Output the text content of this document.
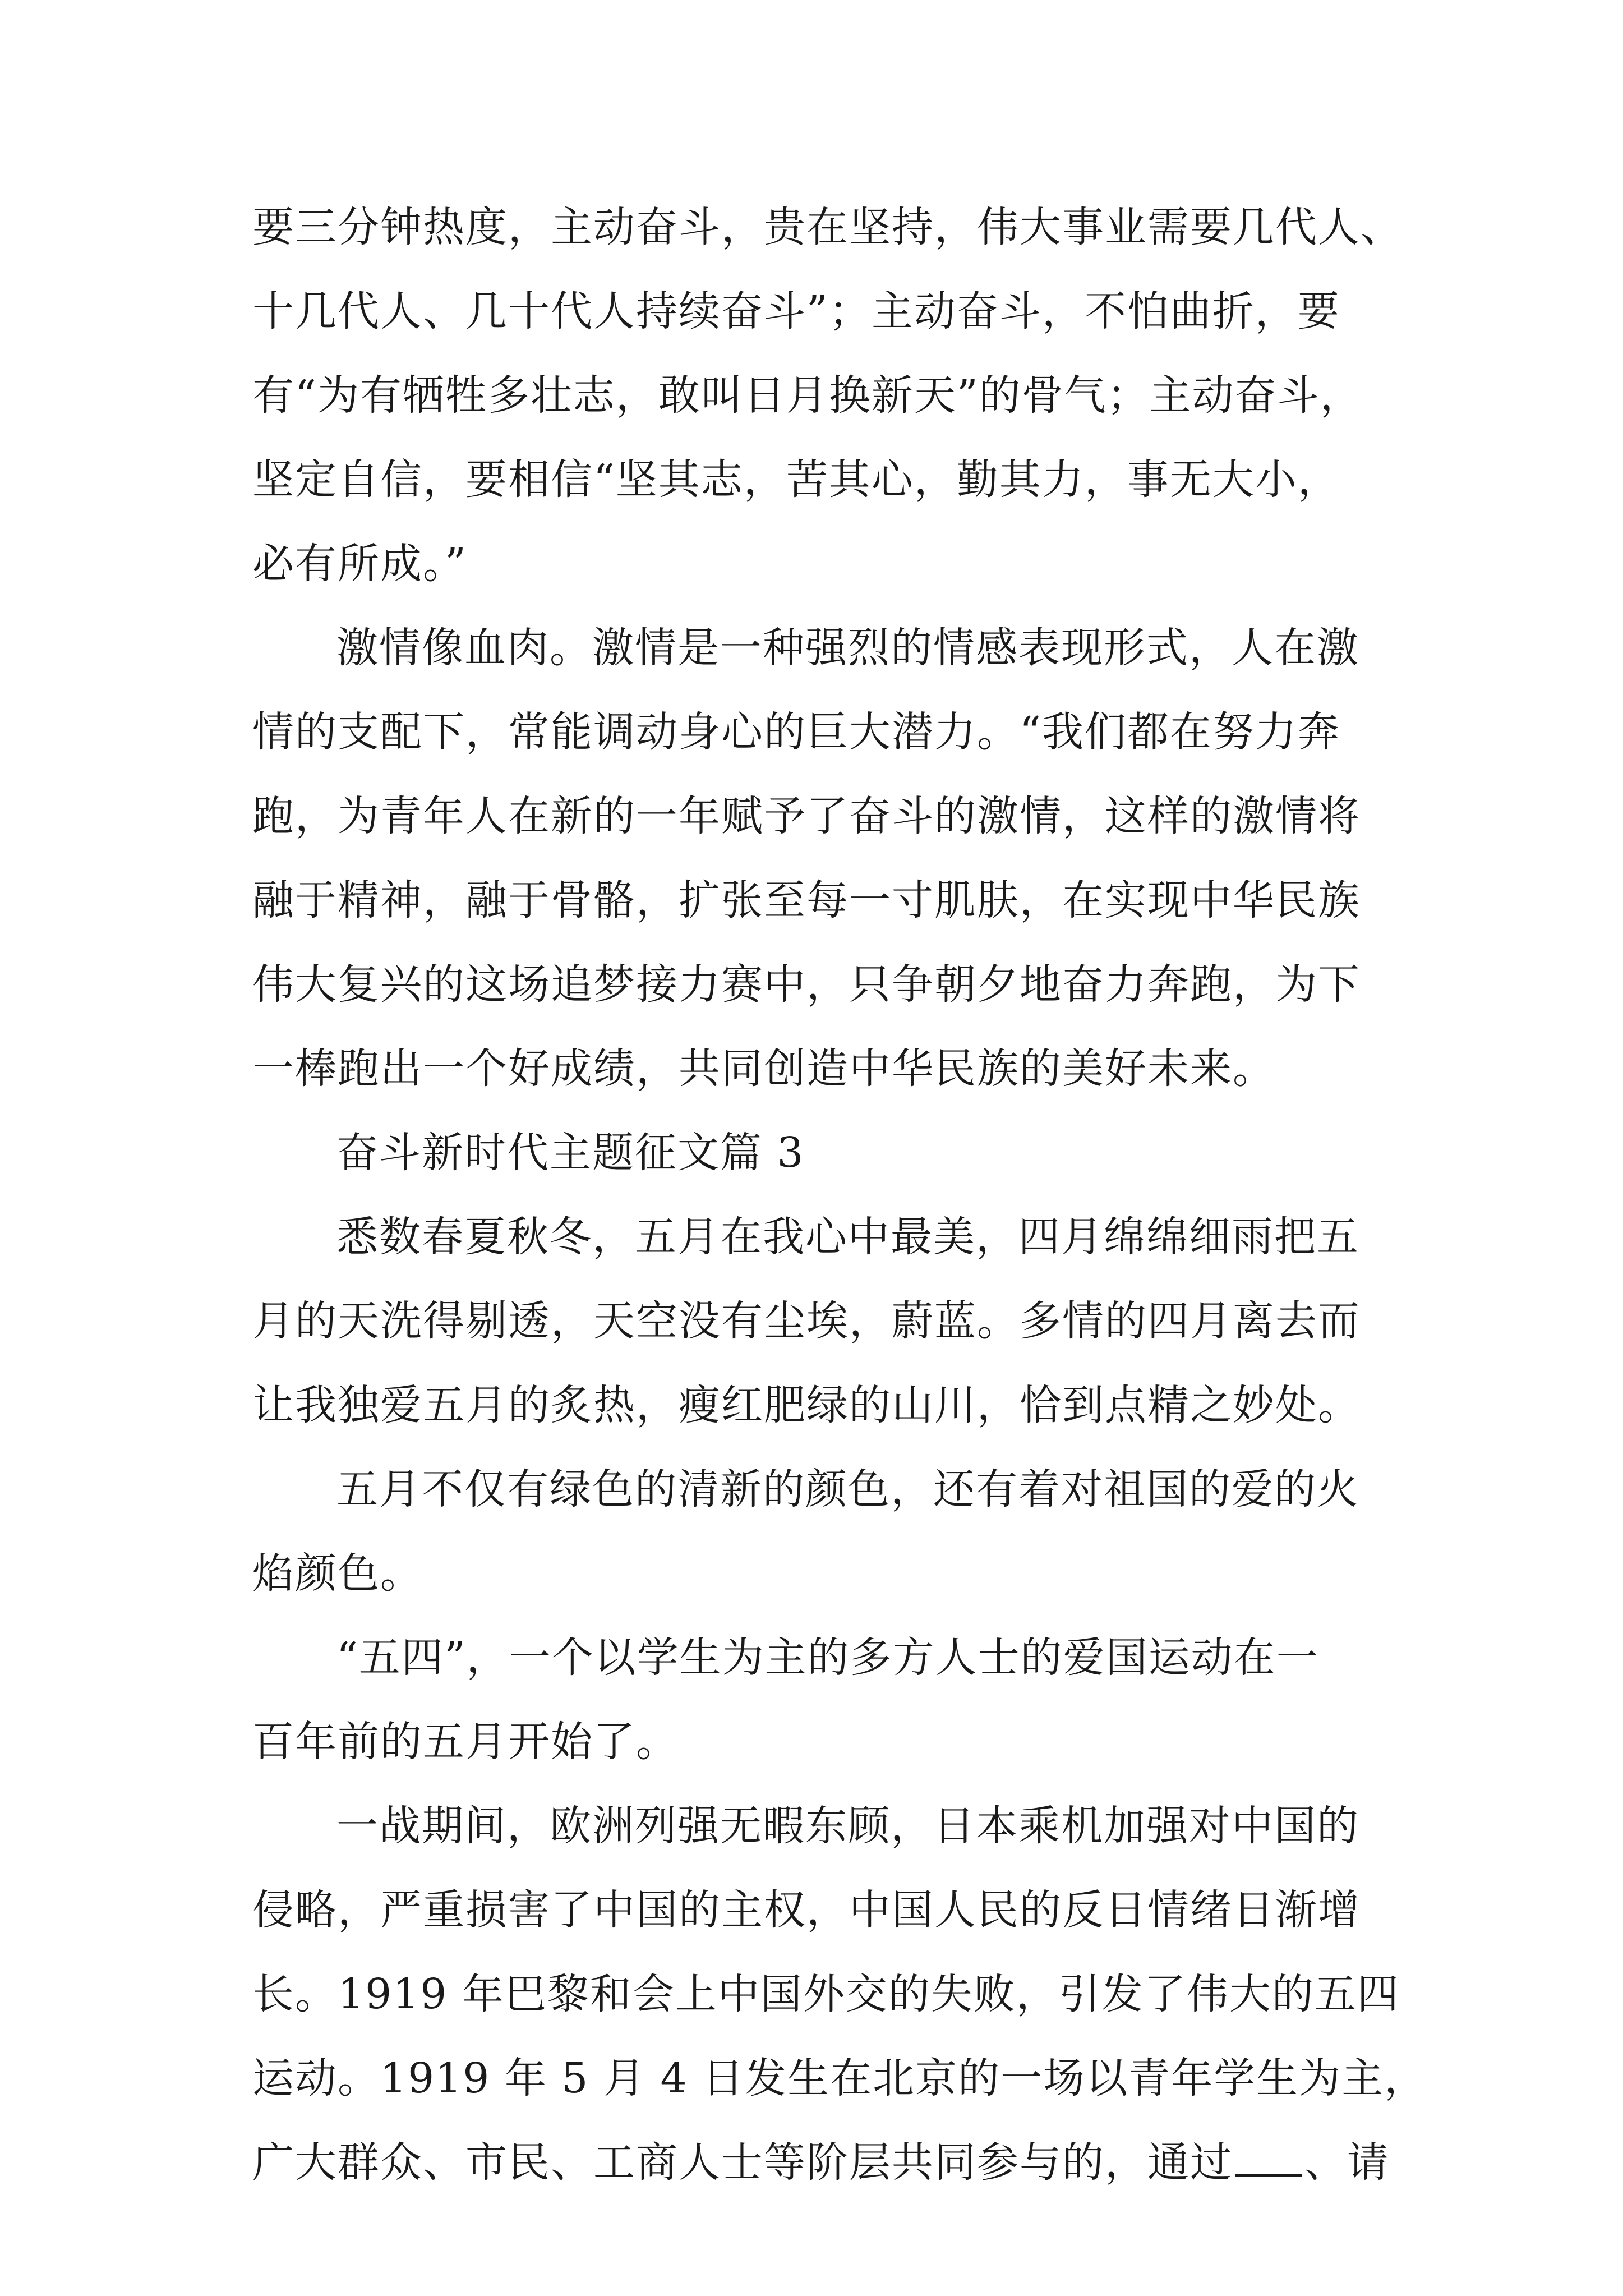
要三分钟热度，主动奋斗，贵在坚持，伟大事业需要几代人、
十几代人、几十代人持续奋斗”；主动奋斗，不怕曲折，要
有“为有牺牲多壮志，敢叫日月换新天”的骨气；主动奋斗，
坚定自信，要相信“坚其志，苦其心，勤其力，事无大小，
必有所成。”
激情像血肉。激情是一种强烈的情感表现形式，人在激
情的支配下，常能调动身心的巨大潜力。“我们都在努力奔
跑，为青年人在新的一年赋予了奋斗的激情，这样的激情将
融于精神，融于骨骼，扩张至每一寸肌肤，在实现中华民族
伟大复兴的这场追梦接力赛中，只争朝夕地奋力奔跑，为下
一棒跑出一个好成绩，共同创造中华民族的美好未来。
奋斗新时代主题征文篇 3
悉数春夏秋冬，五月在我心中最美，四月绵绵细雨把五
月的天洗得剔透，天空没有尘埃，蔚蓝。多情的四月离去而
让我独爱五月的炙热，瘦红肥绿的山川，恰到点精之妙处。
五月不仅有绿色的清新的颜色，还有着对祖国的爱的火
焰颜色。
“五四”，一个以学生为主的多方人士的爱国运动在一
百年前的五月开始了。
一战期间，欧洲列强无暇东顾，日本乘机加强对中国的
侵略，严重损害了中国的主权，中国人民的反日情绪日渐增
长。1919 年巴黎和会上中国外交的失败，引发了伟大的五四
运动。1919 年 5 月 4 日发生在北京的一场以青年学生为主，
广大群众、市民、工商人士等阶层共同参与的，通过 、请
